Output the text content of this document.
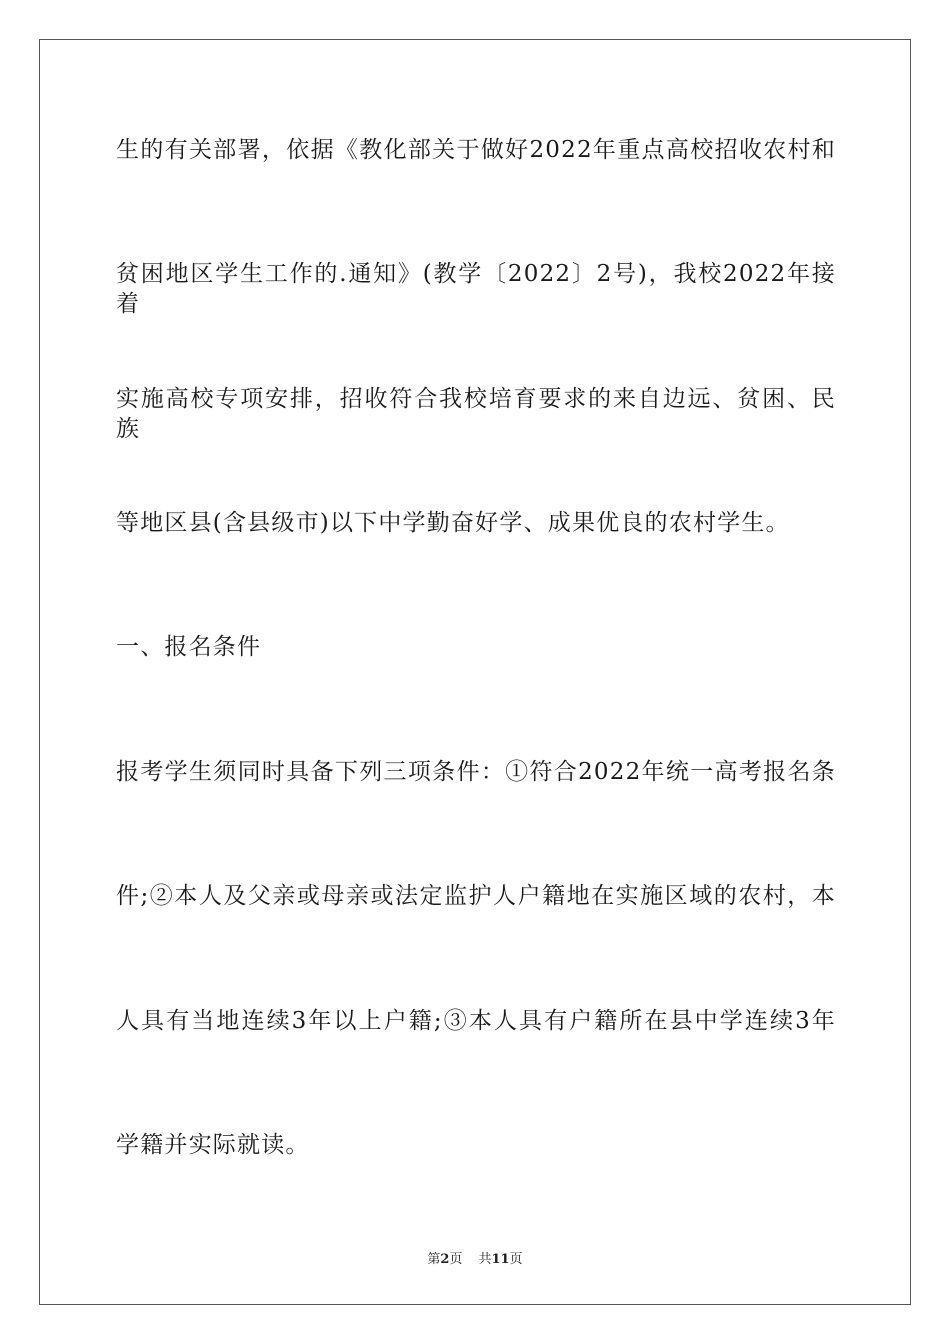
生的有关部署，依据《教化部关于做好2022年重点高校招收农村和
贫困地区学生工作的.通知》(教学〔2022〕2号)，我校2022年接着
实施高校专项安排，招收符合我校培育要求的来自边远、贫困、民族
等地区县(含县级市)以下中学勤奋好学、成果优良的农村学生。
一、报名条件
报考学生须同时具备下列三项条件：①符合2022年统一高考报名条
件;②本人及父亲或母亲或法定监护人户籍地在实施区域的农村，本
人具有当地连续3年以上户籍;③本人具有户籍所在县中学连续3年
学籍并实际就读。
第2页 共11页
